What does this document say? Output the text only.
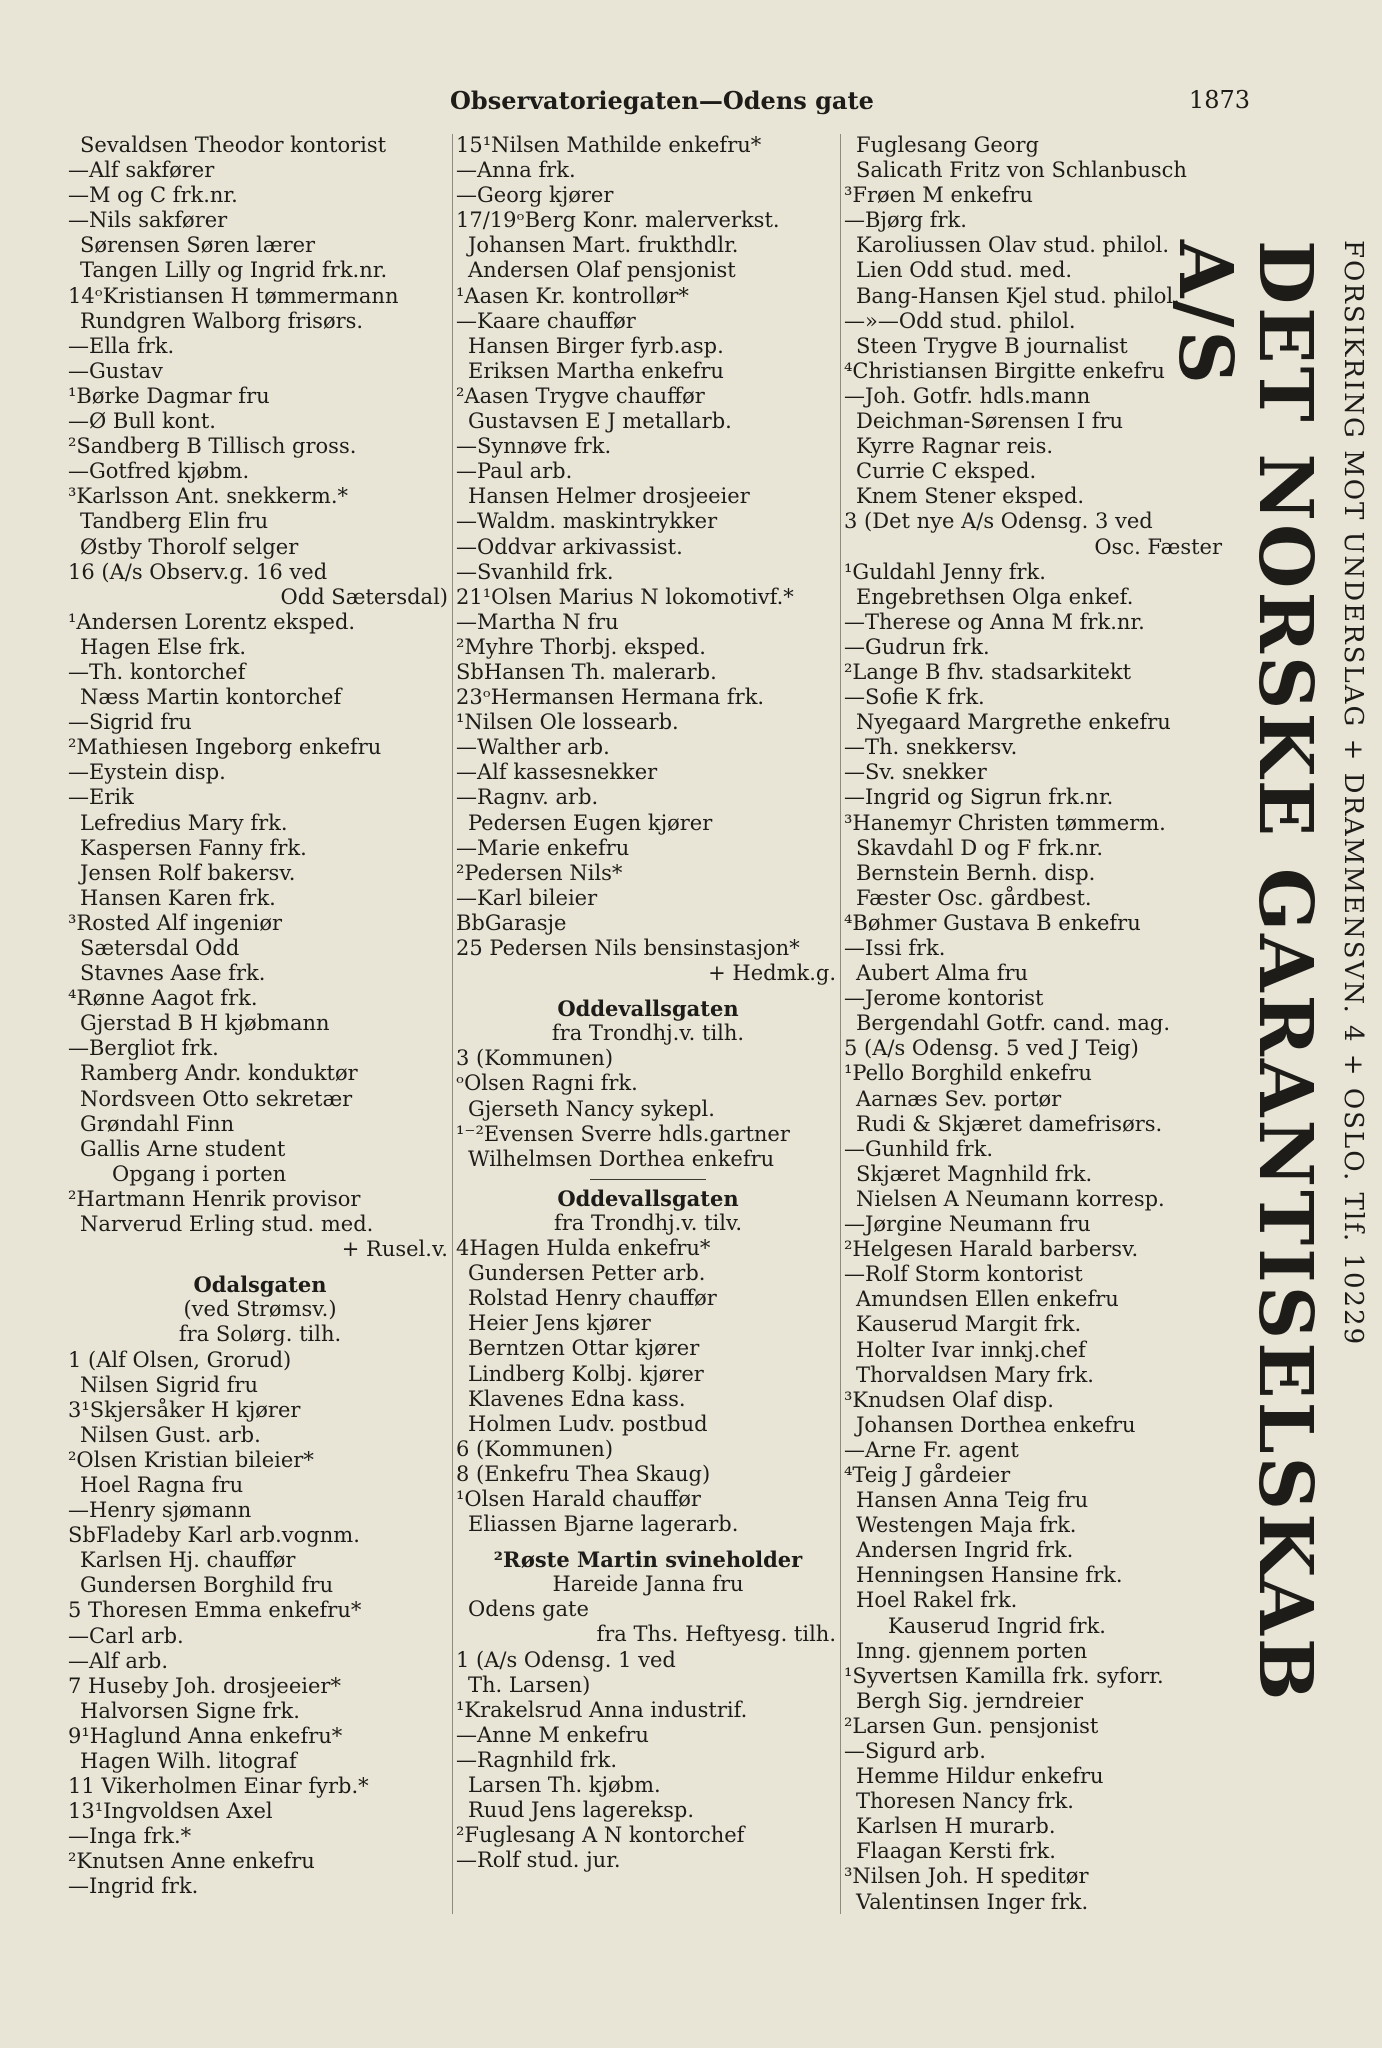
Observatoriegaten—Odens gate	1873
Sevaldsen Theodor kontorist
—Alf sakfører
—M og C frk.nr.
—Nils sakfører
Sørensen Søren lærer
Tangen Lilly og Ingrid frk.nr.
14ᵒKristiansen H tømmermann
Rundgren Walborg frisørs.
—Ella frk.
—Gustav
¹Børke Dagmar fru
—Ø Bull kont.
²Sandberg B Tillisch gross.
—Gotfred kjøbm.
³Karlsson Ant. snekkerm.*
Tandberg Elin fru
Østby Thorolf selger
16 (A/s Observ.g. 16 ved
Odd Sætersdal)
¹Andersen Lorentz eksped.
Hagen Else frk.
—Th. kontorchef
Næss Martin kontorchef
—Sigrid fru
²Mathiesen Ingeborg enkefru
—Eystein disp.
—Erik
Lefredius Mary frk.
Kaspersen Fanny frk.
Jensen Rolf bakersv.
Hansen Karen frk.
³Rosted Alf ingeniør
Sætersdal Odd
Stavnes Aase frk.
⁴Rønne Aagot frk.
Gjerstad B H kjøbmann
—Bergliot frk.
Ramberg Andr. konduktør
Nordsveen Otto sekretær
Grøndahl Finn
Gallis Arne student
Opgang i porten
²Hartmann Henrik provisor
Narverud Erling stud. med.
+ Rusel.v.
Odalsgaten
(ved Strømsv.)
fra Solørg. tilh.
1 (Alf Olsen, Grorud)
Nilsen Sigrid fru
3¹Skjersåker H kjører
Nilsen Gust. arb.
²Olsen Kristian bileier*
Hoel Ragna fru
—Henry sjømann
SbFladeby Karl arb.vognm.
Karlsen Hj. chauffør
Gundersen Borghild fru
5 Thoresen Emma enkefru*
—Carl arb.
—Alf arb.
7 Huseby Joh. drosjeeier*
Halvorsen Signe frk.
9¹Haglund Anna enkefru*
Hagen Wilh. litograf
11 Vikerholmen Einar fyrb.*
13¹Ingvoldsen Axel
—Inga frk.*
²Knutsen Anne enkefru
—Ingrid frk.
15¹Nilsen Mathilde enkefru*
—Anna frk.
—Georg kjører
17/19ᵒBerg Konr. malerverkst.
Johansen Mart. frukthdlr.
Andersen Olaf pensjonist
¹Aasen Kr. kontrollør*
—Kaare chauffør
Hansen Birger fyrb.asp.
Eriksen Martha enkefru
²Aasen Trygve chauffør
Gustavsen E J metallarb.
—Synnøve frk.
—Paul arb.
Hansen Helmer drosjeeier
—Waldm. maskintrykker
—Oddvar arkivassist.
—Svanhild frk.
21¹Olsen Marius N lokomotivf.*
—Martha N fru
²Myhre Thorbj. eksped.
SbHansen Th. malerarb.
23ᵒHermansen Hermana frk.
¹Nilsen Ole lossearb.
—Walther arb.
—Alf kassesnekker
—Ragnv. arb.
Pedersen Eugen kjører
—Marie enkefru
²Pedersen Nils*
—Karl bileier
BbGarasje
25 Pedersen Nils bensinstasjon*
+ Hedmk.g.
Oddevallsgaten
fra Trondhj.v. tilh.
3 (Kommunen)
ᵒOlsen Ragni frk.
Gjerseth Nancy sykepl.
¹⁻²Evensen Sverre hdls.gartner
Wilhelmsen Dorthea enkefru
Oddevallsgaten
fra Trondhj.v. tilv.
4Hagen Hulda enkefru*
Gundersen Petter arb.
Rolstad Henry chauffør
Heier Jens kjører
Berntzen Ottar kjører
Lindberg Kolbj. kjører
Klavenes Edna kass.
Holmen Ludv. postbud
6 (Kommunen)
8 (Enkefru Thea Skaug)
¹Olsen Harald chauffør
Eliassen Bjarne lagerarb.
²Røste Martin svineholder
Hareide Janna fru
Odens gate
fra Ths. Heftyesg. tilh.
1 (A/s Odensg. 1 ved
Th. Larsen)
¹Krakelsrud Anna industrif.
—Anne M enkefru
—Ragnhild frk.
Larsen Th. kjøbm.
Ruud Jens lagereksp.
²Fuglesang A N kontorchef
—Rolf stud. jur.
Fuglesang Georg
Salicath Fritz von Schlanbusch
³Frøen M enkefru
—Bjørg frk.
Karoliussen Olav stud. philol.
Lien Odd stud. med.
Bang-Hansen Kjel stud. philol.
—»—Odd stud. philol.
Steen Trygve B journalist
⁴Christiansen Birgitte enkefru
—Joh. Gotfr. hdls.mann
Deichman-Sørensen I fru
Kyrre Ragnar reis.
Currie C eksped.
Knem Stener eksped.
3 (Det nye A/s Odensg. 3 ved
Osc. Fæster
¹Guldahl Jenny frk.
Engebrethsen Olga enkef.
—Therese og Anna M frk.nr.
—Gudrun frk.
²Lange B fhv. stadsarkitekt
—Sofie K frk.
Nyegaard Margrethe enkefru
—Th. snekkersv.
—Sv. snekker
—Ingrid og Sigrun frk.nr.
³Hanemyr Christen tømmerm.
Skavdahl D og F frk.nr.
Bernstein Bernh. disp.
Fæster Osc. gårdbest.
⁴Bøhmer Gustava B enkefru
—Issi frk.
Aubert Alma fru
—Jerome kontorist
Bergendahl Gotfr. cand. mag.
5 (A/s Odensg. 5 ved J Teig)
¹Pello Borghild enkefru
Aarnæs Sev. portør
Rudi & Skjæret damefrisørs.
—Gunhild frk.
Skjæret Magnhild frk.
Nielsen A Neumann korresp.
—Jørgine Neumann fru
²Helgesen Harald barbersv.
—Rolf Storm kontorist
Amundsen Ellen enkefru
Kauserud Margit frk.
Holter Ivar innkj.chef
Thorvaldsen Mary frk.
³Knudsen Olaf disp.
Johansen Dorthea enkefru
—Arne Fr. agent
⁴Teig J gårdeier
Hansen Anna Teig fru
Westengen Maja frk.
Andersen Ingrid frk.
Henningsen Hansine frk.
Hoel Rakel frk.
Kauserud Ingrid frk.
Inng. gjennem porten
¹Syvertsen Kamilla frk. syforr.
Bergh Sig. jerndreier
²Larsen Gun. pensjonist
—Sigurd arb.
Hemme Hildur enkefru
Thoresen Nancy frk.
Karlsen H murarb.
Flaagan Kersti frk.
³Nilsen Joh. H speditør
Valentinsen Inger frk.
DET NORSKE GARANTISELSKAB A/S	FORSIKRING MOT UNDERSLAG + DRAMMENSVN. 4 + OSLO. Tlf. 10229
